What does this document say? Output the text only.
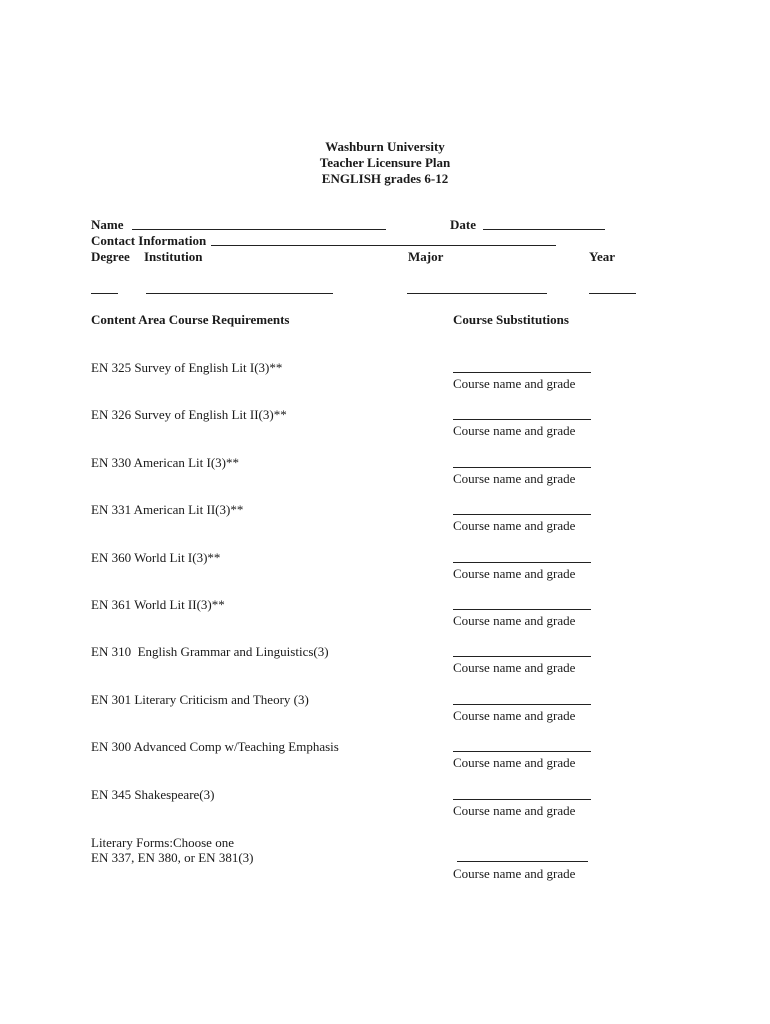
Washburn University
Teacher Licensure Plan
ENGLISH grades 6-12
Name	Date
Contact Information
Degree Institution	Major	Year
Content Area Course Requirements	Course Substitutions
EN 325 Survey of English Lit I(3)**
Course name and grade
EN 326 Survey of English Lit II(3)**
Course name and grade
EN 330 American Lit I(3)**
Course name and grade
EN 331 American Lit II(3)**
Course name and grade
EN 360 World Lit I(3)**
Course name and grade
EN 361 World Lit II(3)**
Course name and grade
EN 310  English Grammar and Linguistics(3)
Course name and grade
EN 301 Literary Criticism and Theory (3)
Course name and grade
EN 300 Advanced Comp w/Teaching Emphasis
Course name and grade
EN 345 Shakespeare(3)
Course name and grade
Literary Forms:Choose one
EN 337, EN 380, or EN 381(3)
Course name and grade
